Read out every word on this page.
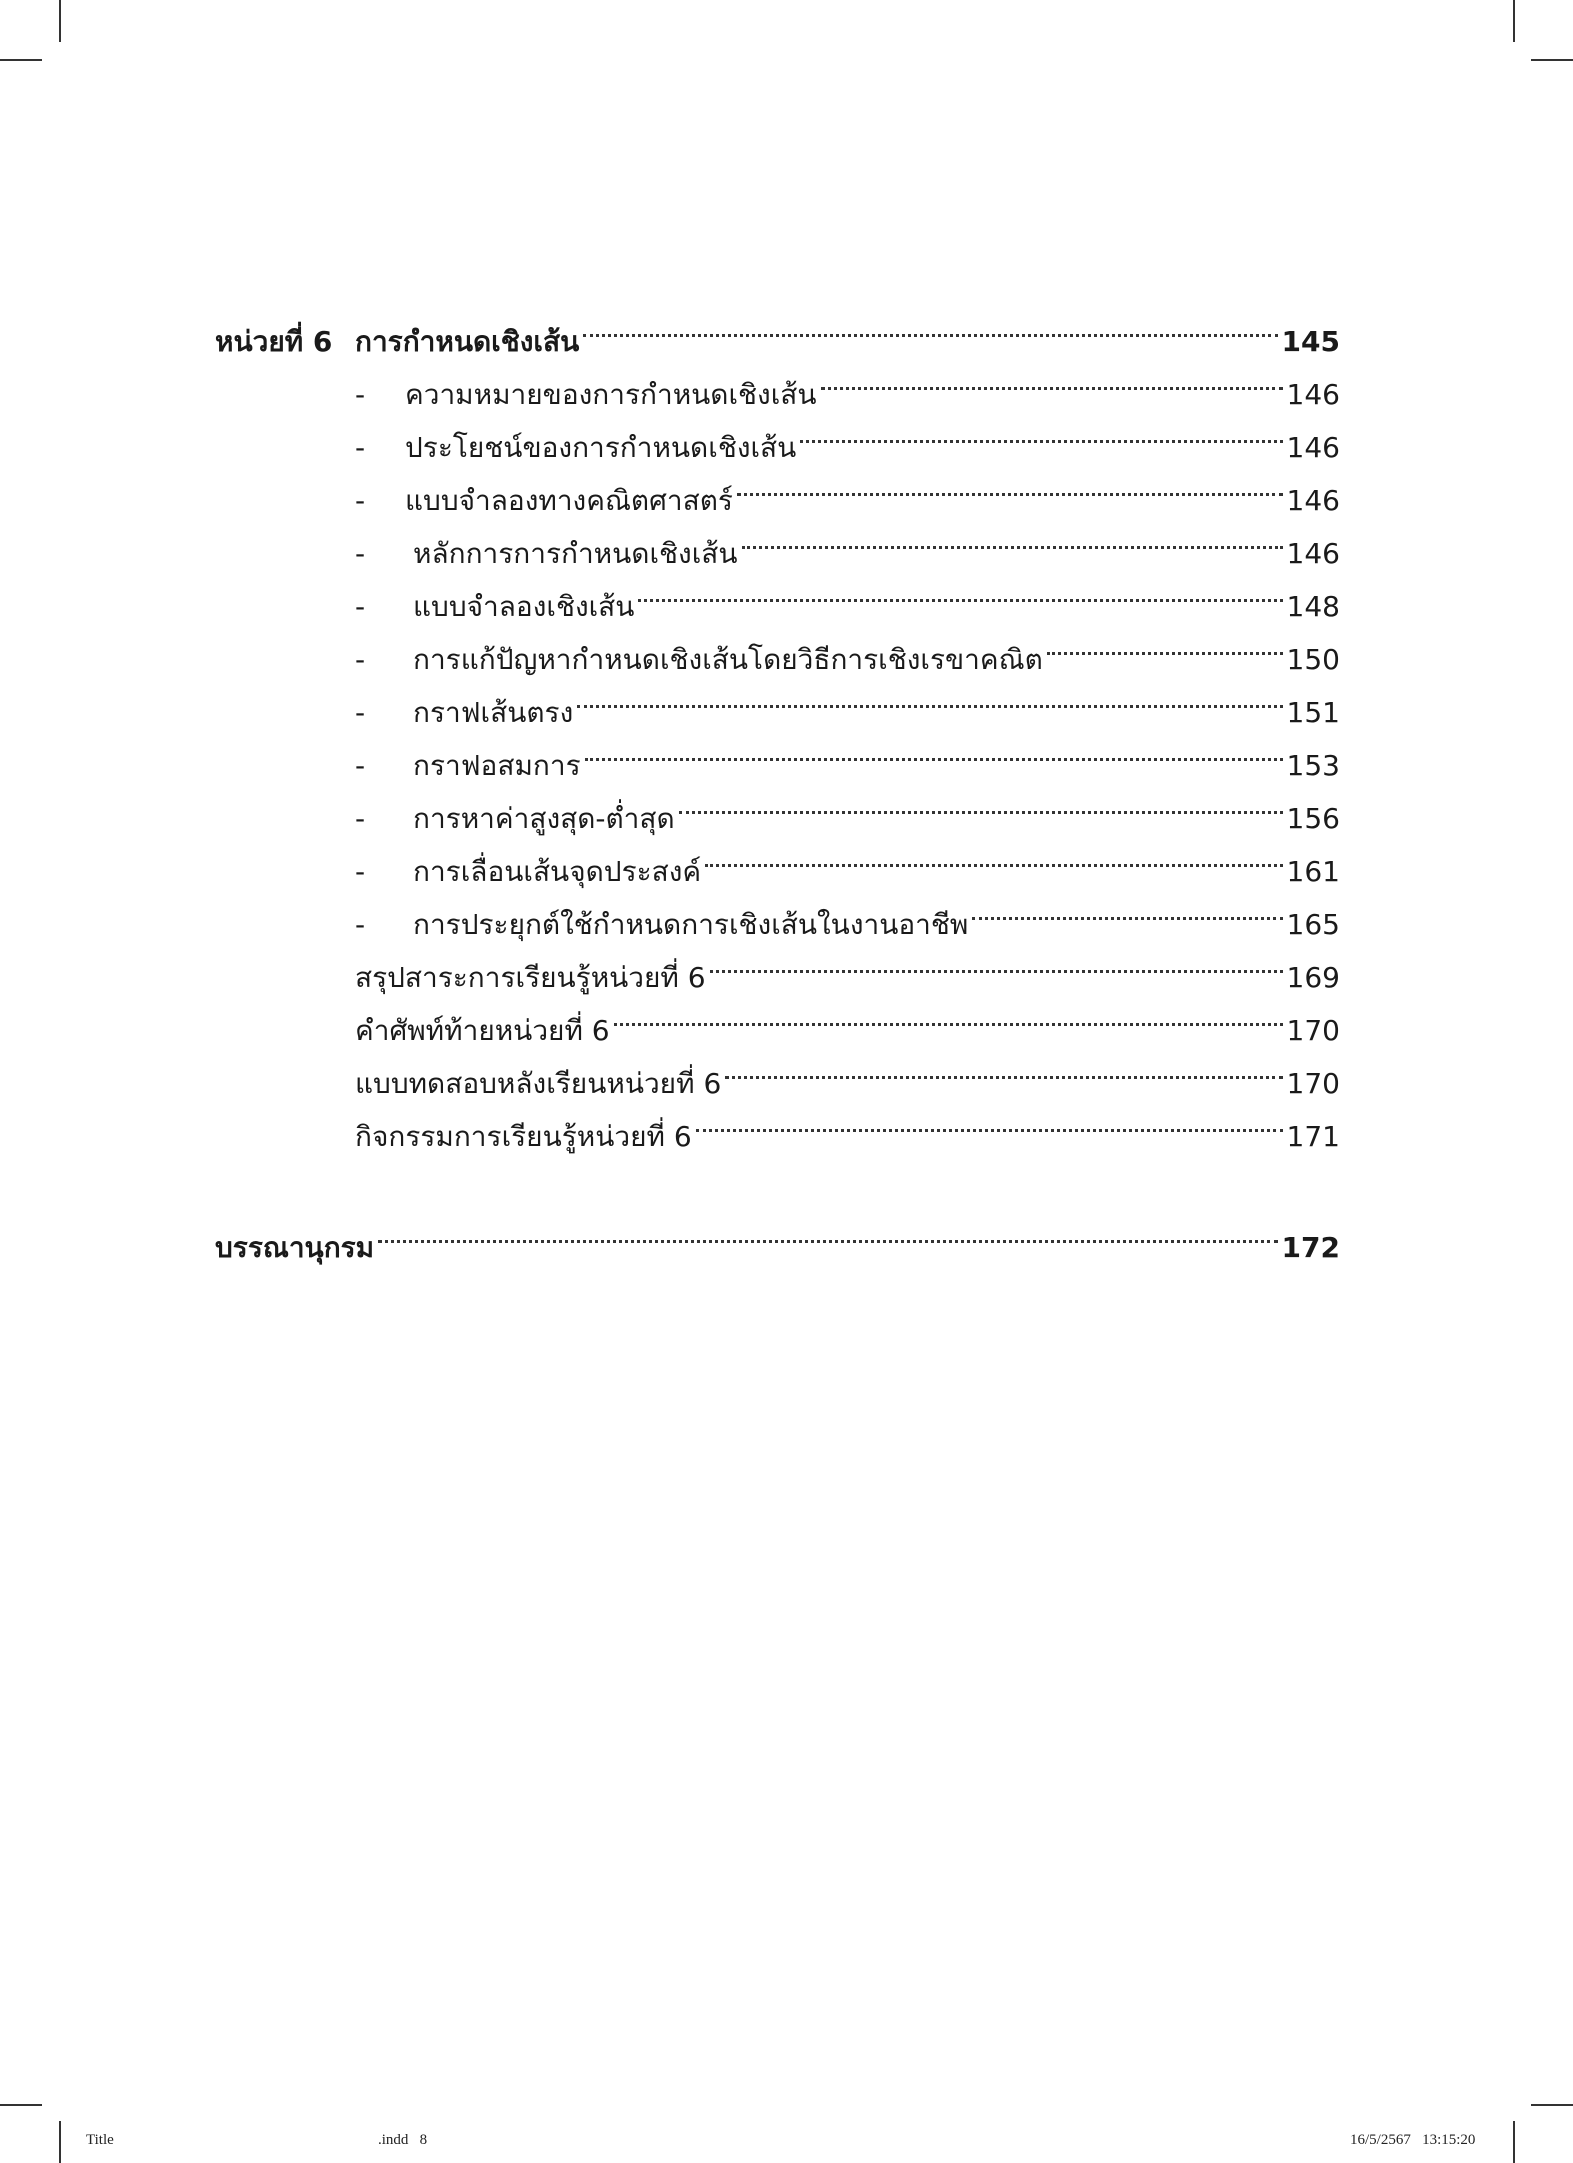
หน่วยที่ 6 การกำหนดเชิงเส้น	145
-	ความหมายของการกำหนดเชิงเส้น	146
-	ประโยชน์ของการกำหนดเชิงเส้น	146
-	แบบจำลองทางคณิตศาสตร์	146
-	หลักการการกำหนดเชิงเส้น	146
-	แบบจำลองเชิงเส้น	148
-	การแก้ปัญหากำหนดเชิงเส้นโดยวิธีการเชิงเรขาคณิต	150
-	กราฟเส้นตรง	151
-	กราฟอสมการ	153
-	การหาค่าสูงสุด-ต่ำสุด	156
-	การเลื่อนเส้นจุดประสงค์	161
-	การประยุกต์ใช้กำหนดการเชิงเส้นในงานอาชีพ	165
สรุปสาระการเรียนรู้หน่วยที่ 6	169
คำศัพท์ท้ายหน่วยที่ 6	170
แบบทดสอบหลังเรียนหน่วยที่ 6	170
กิจกรรมการเรียนรู้หน่วยที่ 6	171
บรรณานุกรม	172
Title	.indd   8	16/5/2567   13:15:20
